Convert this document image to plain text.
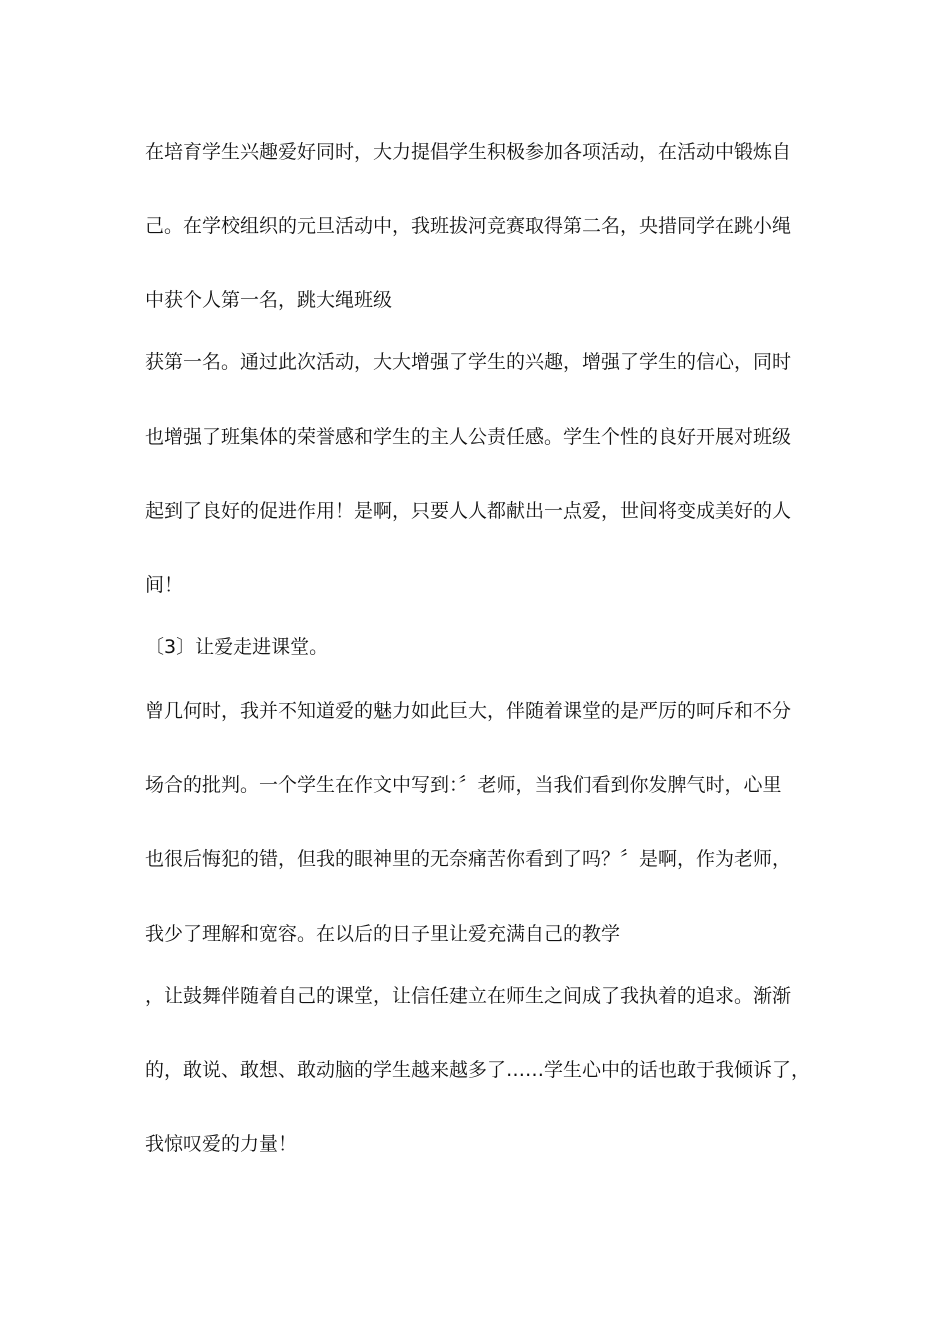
在培育学生兴趣爱好同时，大力提倡学生积极参加各项活动，在活动中锻炼自
己。在学校组织的元旦活动中，我班拔河竞赛取得第二名，央措同学在跳小绳
中获个人第一名，跳大绳班级
获第一名。通过此次活动，大大增强了学生的兴趣，增强了学生的信心，同时
也增强了班集体的荣誉感和学生的主人公责任感。学生个性的良好开展对班级
起到了良好的促进作用！是啊，只要人人都献出一点爱，世间将变成美好的人
间！
〔3〕让爱走进课堂。
曾几何时，我并不知道爱的魅力如此巨大，伴随着课堂的是严厉的呵斥和不分
场合的批判。一个学生在作文中写到：〞老师，当我们看到你发脾气时，心里
也很后悔犯的错，但我的眼神里的无奈痛苦你看到了吗？〞是啊，作为老师，
我少了理解和宽容。在以后的日子里让爱充满自己的教学
，让鼓舞伴随着自己的课堂，让信任建立在师生之间成了我执着的追求。渐渐
的，敢说、敢想、敢动脑的学生越来越多了……学生心中的话也敢于我倾诉了，
我惊叹爱的力量！
